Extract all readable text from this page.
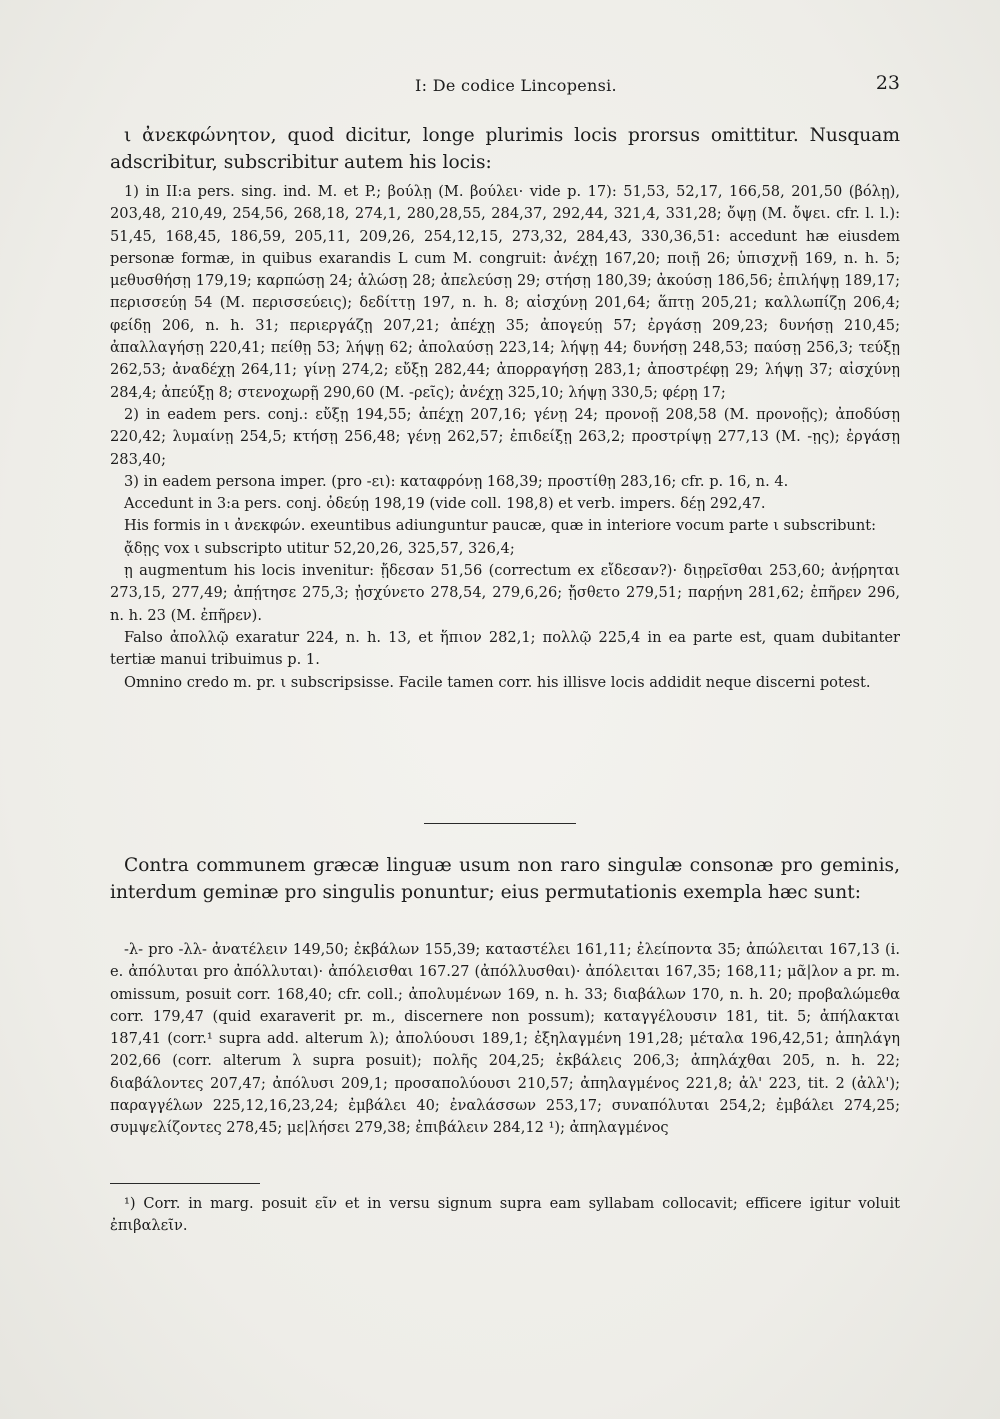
I: De codice Lincopensi.	23

ι ἀνεκφώνητον, quod dicitur, longe plurimis locis prorsus omittitur. Nusquam adscribitur, subscribitur autem his locis:

1) in II:a pers. sing. ind. M. et P.; βούλῃ (M. βούλει· vide p. 17): 51,53, 52,17, 166,58, 201,50 (βόλῃ), 203,48, 210,49, 254,56, 268,18, 274,1, 280,28,55, 284,37, 292,44, 321,4, 331,28; ὄψῃ (M. ὄψει. cfr. l. l.): 51,45, 168,45, 186,59, 205,11, 209,26, 254,12,15, 273,32, 284,43, 330,36,51: accedunt hæ eiusdem personæ formæ, in quibus exarandis L cum M. congruit: ἀνέχῃ 167,20; ποιῇ 26; ὑπισχνῇ 169, n. h. 5; μεθυσθήσῃ 179,19; καρπώσῃ 24; ἁλώσῃ 28; ἀπελεύσῃ 29; στήσῃ 180,39; ἀκούσῃ 186,56; ἐπιλήψῃ 189,17; περισσεύῃ 54 (M. περισσεύεις); δεδίττῃ 197, n. h. 8; αἰσχύνῃ 201,64; ἅπτῃ 205,21; καλλωπίζῃ 206,4; φείδῃ 206, n. h. 31; περιεργάζῃ 207,21; ἀπέχῃ 35; ἀπογεύῃ 57; ἐργάσῃ 209,23; δυνήσῃ 210,45; ἀπαλλαγήσῃ 220,41; πείθῃ 53; λήψῃ 62; ἀπολαύσῃ 223,14; λήψῃ 44; δυνήσῃ 248,53; παύσῃ 256,3; τεύξῃ 262,53; ἀναδέχῃ 264,11; γίνῃ 274,2; εὔξῃ 282,44; ἀπορραγήσῃ 283,1; ἀποστρέφῃ 29; λήψῃ 37; αἰσχύνῃ 284,4; ἀπεύξῃ 8; στενοχωρῇ 290,60 (M. -ρεῖς); ἀνέχῃ 325,10; λήψῃ 330,5; φέρῃ 17;

2) in eadem pers. conj.: εὔξῃ 194,55; ἀπέχῃ 207,16; γένῃ 24; προνοῇ 208,58 (M. προνοῇς); ἀποδύσῃ 220,42; λυμαίνῃ 254,5; κτήσῃ 256,48; γένῃ 262,57; ἐπιδείξῃ 263,2; προστρίψῃ 277,13 (M. -ῃς); ἐργάσῃ 283,40;

3) in eadem persona imper. (pro -ει): καταφρόνῃ 168,39; προστίθῃ 283,16; cfr. p. 16, n. 4.

Accedunt in 3:a pers. conj. ὀδεύῃ 198,19 (vide coll. 198,8) et verb. impers. δέῃ 292,47.

His formis in ι ἀνεκφών. exeuntibus adiunguntur paucæ, quæ in interiore vocum parte ι subscribunt:

ᾄδῃς vox ι subscripto utitur 52,20,26, 325,57, 326,4;

ῃ augmentum his locis invenitur: ᾔδεσαν 51,56 (correctum ex εἴδεσαν?)· διῃρεῖσθαι 253,60; ἀνῄρηται 273,15, 277,49; ἀπῄτησε 275,3; ᾐσχύνετο 278,54, 279,6,26; ᾔσθετο 279,51; παρῄνη 281,62; ἐπῆρεν 296, n. h. 23 (M. ἐπῆρεν).

Falso ἀπολλῷ exaratur 224, n. h. 13, et ἥπιον 282,1; πολλῷ 225,4 in ea parte est, quam dubitanter tertiæ manui tribuimus p. 1.

Omnino credo m. pr. ι subscripsisse. Facile tamen corr. his illisve locis addidit neque discerni potest.

Contra communem græcæ linguæ usum non raro singulæ consonæ pro geminis, interdum geminæ pro singulis ponuntur; eius permutationis exempla hæc sunt:

-λ- pro -λλ- ἀνατέλειν 149,50; ἐκβάλων 155,39; καταστέλει 161,11; ἐλείποντα 35; ἀπώλειται 167,13 (i. e. ἀπόλυται pro ἀπόλλυται)· ἀπόλεισθαι 167.27 (ἀπόλλυσθαι)· ἀπόλειται 167,35; 168,11; μᾶ|λον a pr. m. omissum, posuit corr. 168,40; cfr. coll.; ἀπολυμένων 169, n. h. 33; διαβάλων 170, n. h. 20; προβαλώμεθα corr. 179,47 (quid exaraverit pr. m., discernere non possum); καταγγέλουσιν 181, tit. 5; ἀπήλακται 187,41 (corr.¹ supra add. alterum λ); ἀπολύουσι 189,1; ἐξηλαγμένη 191,28; μέταλα 196,42,51; ἀπηλάγη 202,66 (corr. alterum λ supra posuit); πολῆς 204,25; ἐκβάλεις 206,3; ἀπηλάχθαι 205, n. h. 22; διαβάλοντες 207,47; ἀπόλυσι 209,1; προσαπολύουσι 210,57; ἀπηλαγμένος 221,8; ἀλ' 223, tit. 2 (ἀλλ'); παραγγέλων 225,12,16,23,24; ἐμβάλει 40; ἐναλάσσων 253,17; συναπόλυται 254,2; ἐμβάλει 274,25; συμψελίζοντες 278,45; με|λήσει 279,38; ἐπιβάλειν 284,12 ¹); ἀπηλαγμένος

¹) Corr. in marg. posuit εῖν et in versu signum supra eam syllabam collocavit; efficere igitur voluit ἐπιβαλεῖν.
